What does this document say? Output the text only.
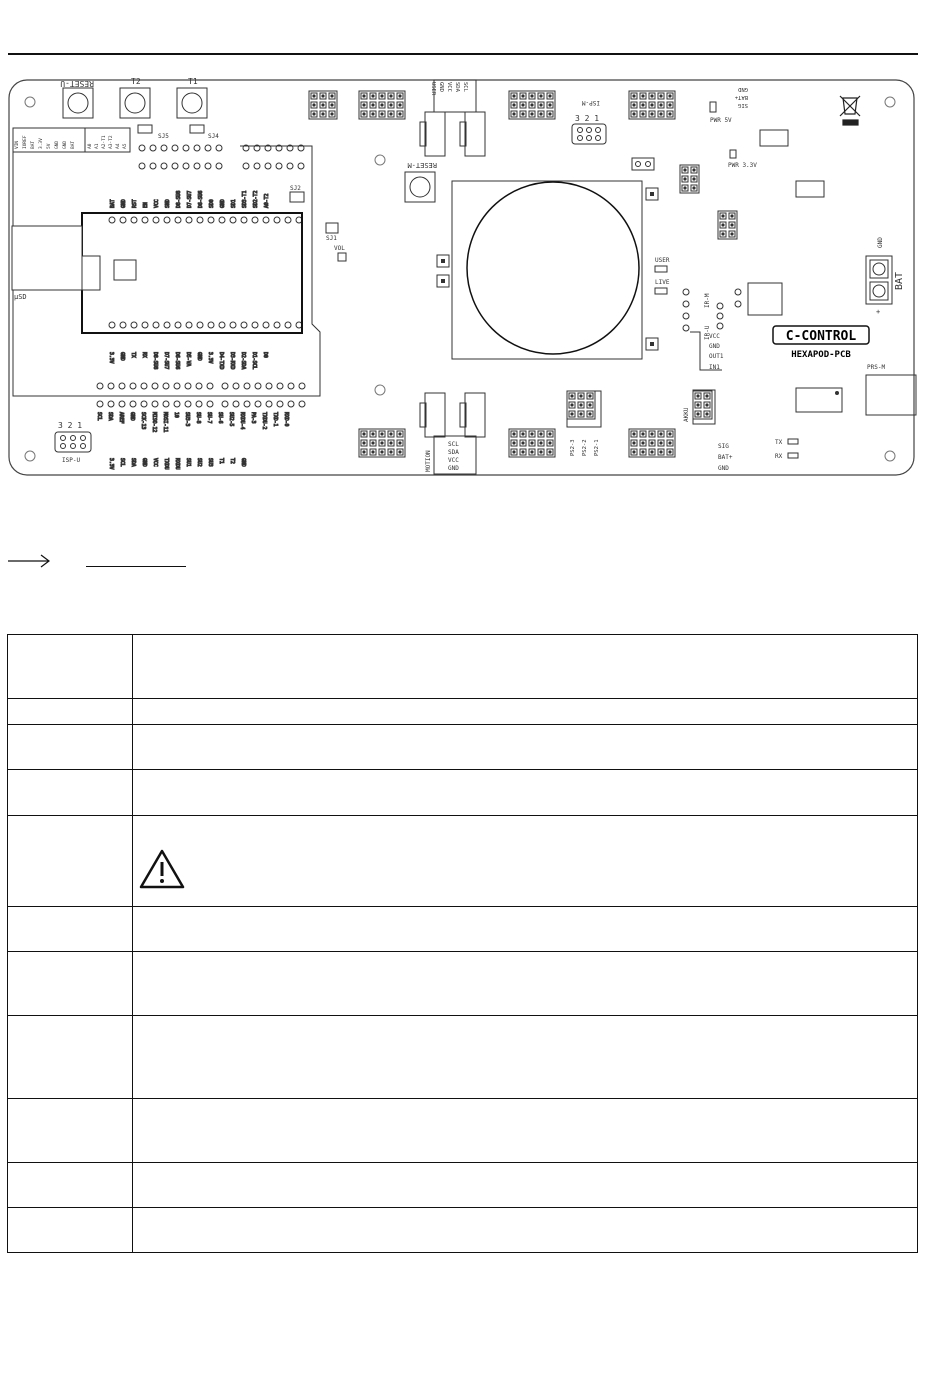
RESET-U	T2	T1
SJ5	SJ4
VIN IOREF BAT 3.3V 5V GND GND BAT	A0 A1 A2-T1 A3-T2 A4 A5
BAT GND RST EN VCC SND D8-SU8 D7-SU7 D6-SU6 SD0 GND SD1 SD3-T1 SD2-T2 A0-T2
3.3V GND TX RX D8-SU8 D7-SU7 D6-SU6 D5-VA GND 3.3V D4-TXD D3-RXD D2-SDA D1-SCL D0
SCL SDA AREF GND SCK-13 MISO-12 MOSI-11 10 SU3-3 SU-8 SU-7 SU-6 SU2-5 RXDU-4 PA-3 TXDU-2 TXD-1 RXD-0
3.3V SCL SDA GND VCC TXDU RXDU SU1 SU2 SU3 T1 T2 GND
µSD
SJ2
SJ1
VOL
USER GND VCC SDA SCL
RESET-M
3 2 1
ISP-M
USER
LIVE
PWR 5V
GND
BAT+
SIG
PWR 3.3V
BAT
GND
+
C-CONTROL
HEXAPOD-PCB
IR-M
IR-U
VCC
GND
OUT1
IN1	PRS-M
TX
RX
SIG
BAT+
GND
SCL
SDA
VCC
GND
MOTION
PS2-3 PS2-2 PS2-1
AKKU
3 2 1
ISP-U
